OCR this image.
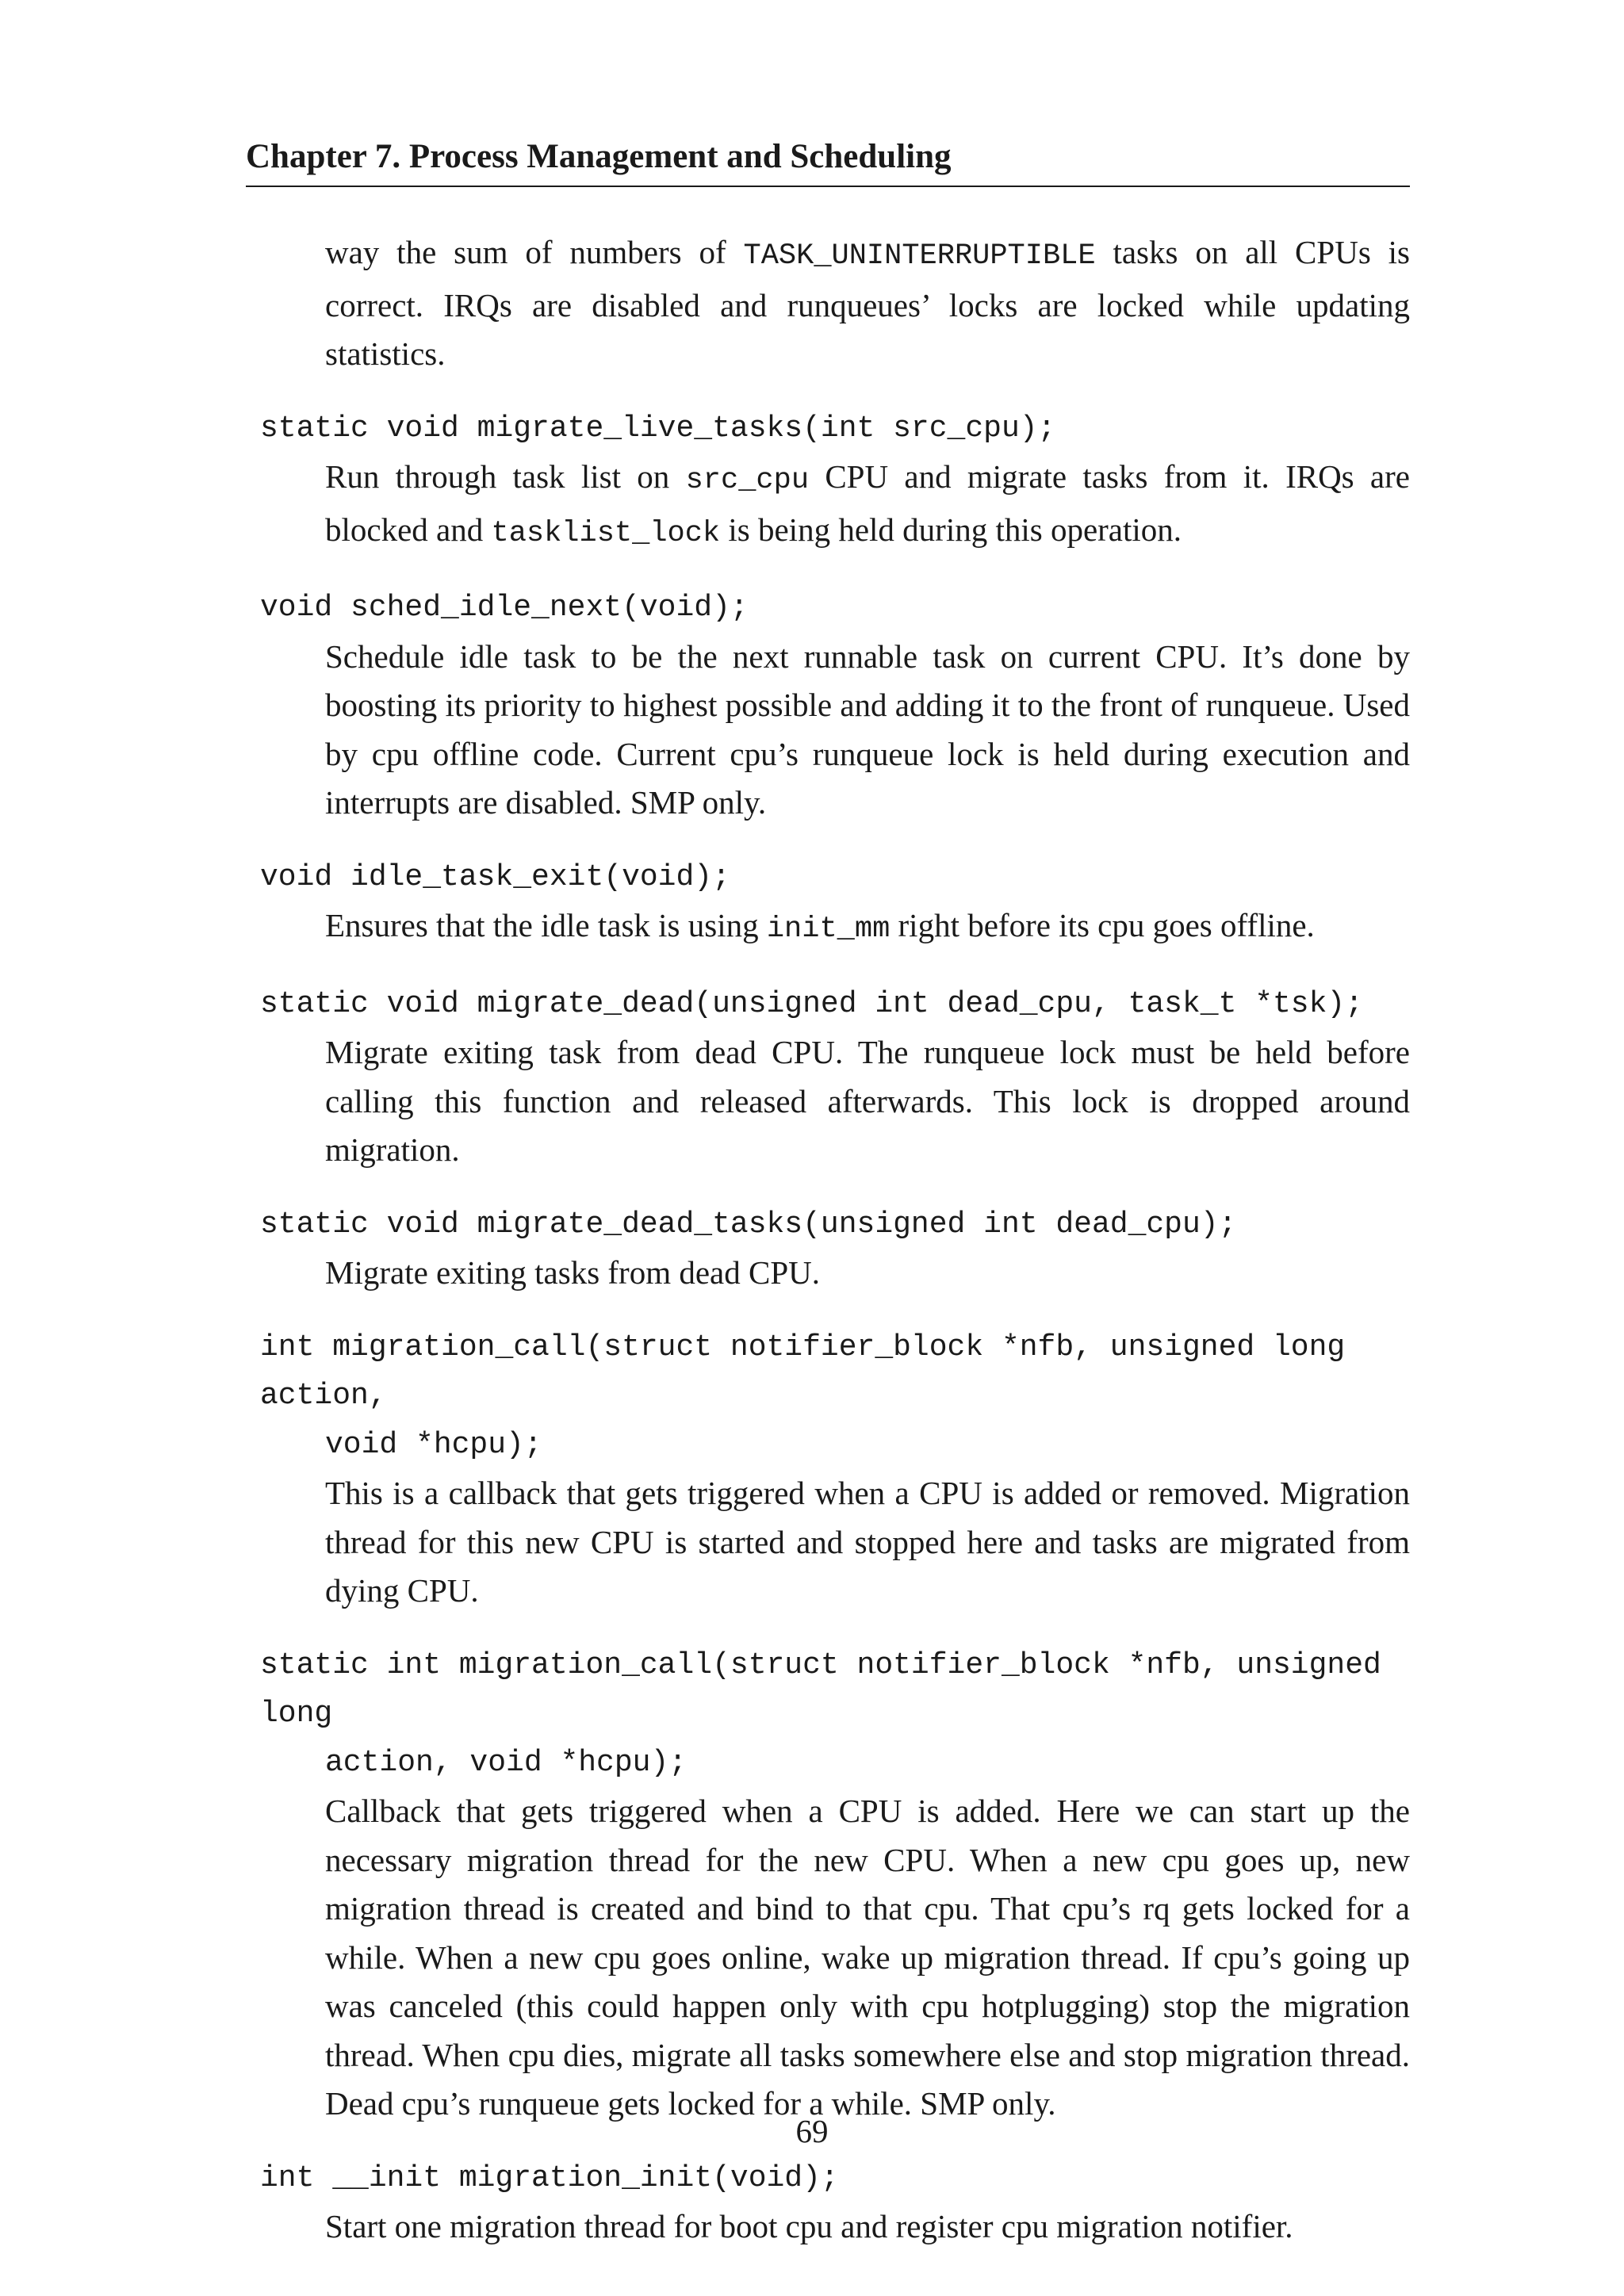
Chapter 7. Process Management and Scheduling
way the sum of numbers of TASK_UNINTERRUPTIBLE tasks on all CPUs is correct. IRQs are disabled and runqueues’ locks are locked while updating statistics.
static void migrate_live_tasks(int src_cpu);
Run through task list on src_cpu CPU and migrate tasks from it. IRQs are blocked and tasklist_lock is being held during this operation.
void sched_idle_next(void);
Schedule idle task to be the next runnable task on current CPU. It’s done by boosting its priority to highest possible and adding it to the front of runqueue. Used by cpu offline code. Current cpu’s runqueue lock is held during execution and interrupts are disabled. SMP only.
void idle_task_exit(void);
Ensures that the idle task is using init_mm right before its cpu goes offline.
static void migrate_dead(unsigned int dead_cpu, task_t *tsk);
Migrate exiting task from dead CPU. The runqueue lock must be held before calling this function and released afterwards. This lock is dropped around migration.
static void migrate_dead_tasks(unsigned int dead_cpu);
Migrate exiting tasks from dead CPU.
int migration_call(struct notifier_block *nfb, unsigned long action,
void *hcpu);
This is a callback that gets triggered when a CPU is added or removed. Migration thread for this new CPU is started and stopped here and tasks are migrated from dying CPU.
static int migration_call(struct notifier_block *nfb, unsigned long
action, void *hcpu);
Callback that gets triggered when a CPU is added. Here we can start up the necessary migration thread for the new CPU. When a new cpu goes up, new migration thread is created and bind to that cpu. That cpu’s rq gets locked for a while. When a new cpu goes online, wake up migration thread. If cpu’s going up was canceled (this could happen only with cpu hotplugging) stop the migration thread. When cpu dies, migrate all tasks somewhere else and stop migration thread. Dead cpu’s runqueue gets locked for a while. SMP only.
int __init migration_init(void);
Start one migration thread for boot cpu and register cpu migration notifier.
69
